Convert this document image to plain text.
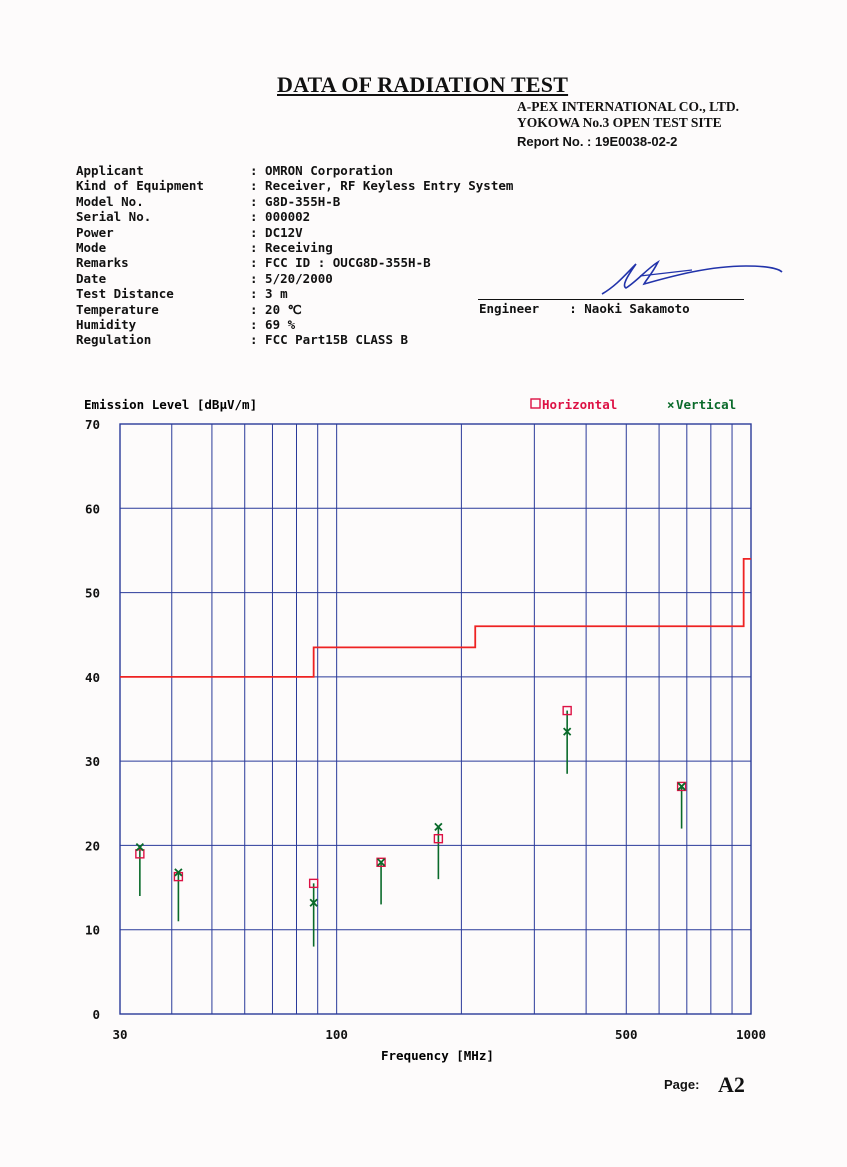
DATA OF RADIATION TEST
A-PEX INTERNATIONAL CO., LTD.
YOKOWA No.3 OPEN TEST SITE
Report No. : 19E0038-02-2
Applicant	: OMRON Corporation
Kind of Equipment	: Receiver, RF Keyless Entry System
Model No.	: G8D-355H-B
Serial No.	: 000002
Power	: DC12V
Mode	: Receiving
Remarks	: FCC ID : OUCG8D-355H-B
Date	: 5/20/2000
Test Distance	: 3 m
Temperature	: 20 ℃
Humidity	: 69 %
Regulation	: FCC Part15B CLASS B
Engineer : Naoki Sakamoto
Emission Level [dBμV/m]
Frequency [MHz]
Horizontal	× Vertical
0
10
20
30
40
50
60
70
30	100	500	1000
Page: A2
